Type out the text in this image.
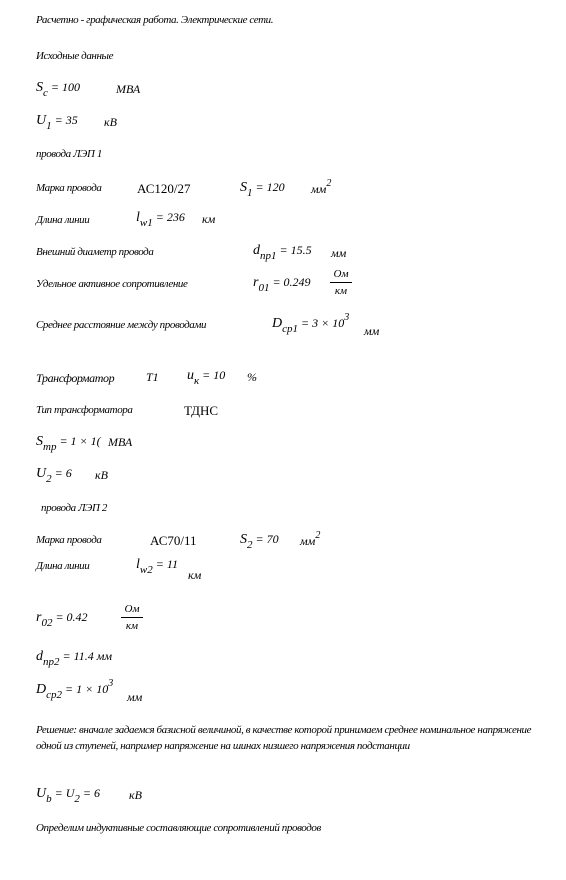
Расчетно - графическая работа. Электрические сети.
Исходные данные
Sc = 100	МВА
U1 = 35 кВ
провода ЛЭП 1
Марка провода	АС120/27	S1 = 120 $мм^2$
Длина линии	lw1 = 236 км
Внешний диаметр провода	dпр1 = 15.5 мм
Удельное активное сопротивление	r01 = 0.249
Ом
км
Среднее расстояние между проводами	$Dср1 = 3 \times 10^3$
мм
Трансформатор	Т1 uк = 10 %
Тип трансформатора	ТДНС
Sтр = 1 × 1( МВА
U2 = 6 кВ
провода ЛЭП 2
Марка провода	АС70/11	S2 = 70 $мм^2$
Длина линии	lw2 = 11
км
r02 = 0.42
Ом
км
dпр2 = 11.4 мм
$Dср2 = 1 \times 10^3$
мм
Решение: вначале задаемся базисной величиной, в качестве которой принимаем среднее номинальное напряжение одной из ступеней, например напряжение на шинах низшего напряжения подстанции
Ub = U2 = 6 кВ
Определим индуктивные составляющие сопротивлений проводов
